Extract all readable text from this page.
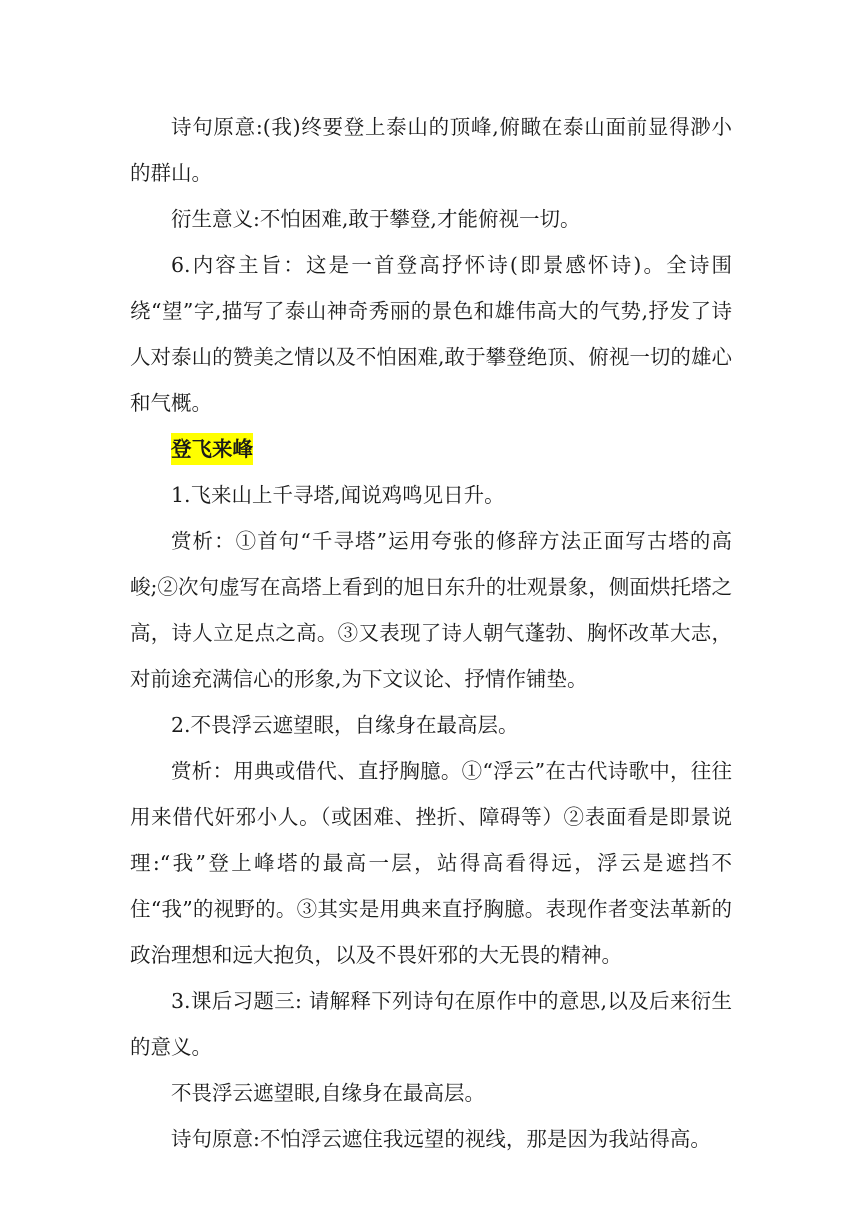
诗句原意:(我)终要登上泰山的顶峰,俯瞰在泰山面前显得渺小的群山。

衍生意义:不怕困难,敢于攀登,才能俯视一切。

6.内容主旨：这是一首登高抒怀诗(即景感怀诗)。全诗围绕“望”字,描写了泰山神奇秀丽的景色和雄伟高大的气势,抒发了诗人对泰山的赞美之情以及不怕困难,敢于攀登绝顶、俯视一切的雄心和气概。

登飞来峰

1.飞来山上千寻塔,闻说鸡鸣见日升。

赏析：①首句“千寻塔”运用夸张的修辞方法正面写古塔的高峻;②次句虚写在高塔上看到的旭日东升的壮观景象，侧面烘托塔之高，诗人立足点之高。③又表现了诗人朝气蓬勃、胸怀改革大志，对前途充满信心的形象,为下文议论、抒情作铺垫。

2.不畏浮云遮望眼，自缘身在最高层。

赏析：用典或借代、直抒胸臆。①“浮云”在古代诗歌中，往往用来借代奸邪小人。（或困难、挫折、障碍等）②表面看是即景说理:“我”登上峰塔的最高一层，站得高看得远，浮云是遮挡不住“我”的视野的。③其实是用典来直抒胸臆。表现作者变法革新的政治理想和远大抱负，以及不畏奸邪的大无畏的精神。

3.课后习题三: 请解释下列诗句在原作中的意思,以及后来衍生的意义。

不畏浮云遮望眼,自缘身在最高层。

诗句原意:不怕浮云遮住我远望的视线，那是因为我站得高。
